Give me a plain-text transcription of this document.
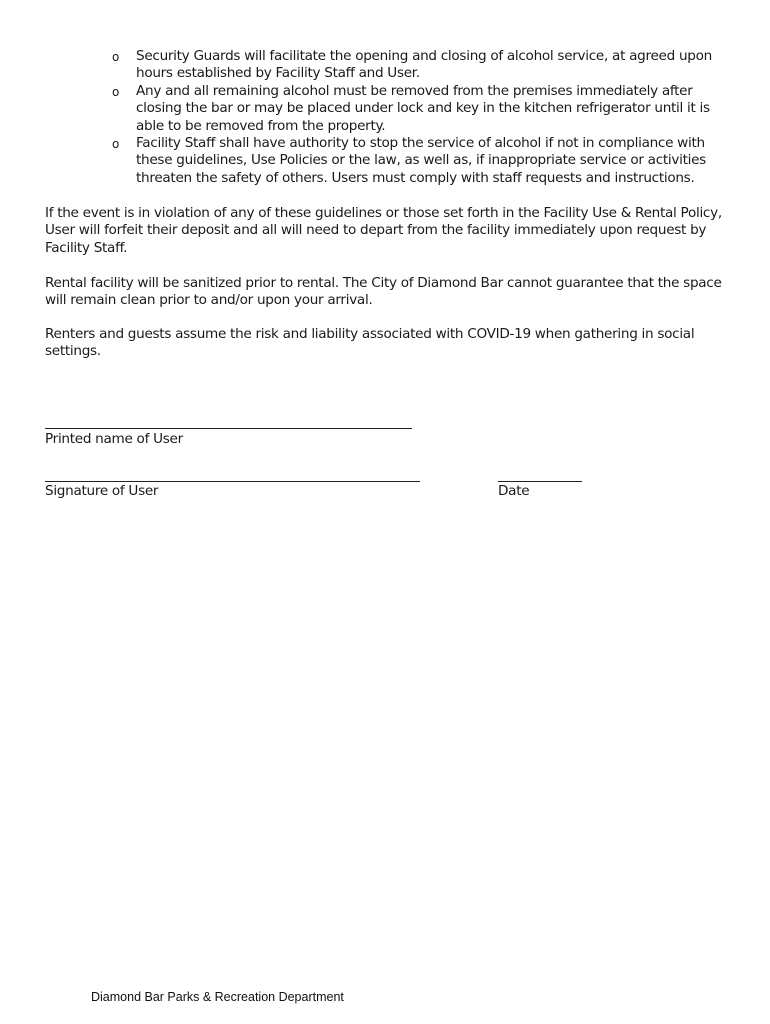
o Security Guards will facilitate the opening and closing of alcohol service, at agreed upon hours established by Facility Staff and User.
o Any and all remaining alcohol must be removed from the premises immediately after closing the bar or may be placed under lock and key in the kitchen refrigerator until it is able to be removed from the property.
o Facility Staff shall have authority to stop the service of alcohol if not in compliance with these guidelines, Use Policies or the law, as well as, if inappropriate service or activities threaten the safety of others. Users must comply with staff requests and instructions.

If the event is in violation of any of these guidelines or those set forth in the Facility Use & Rental Policy, User will forfeit their deposit and all will need to depart from the facility immediately upon request by Facility Staff.

Rental facility will be sanitized prior to rental. The City of Diamond Bar cannot guarantee that the space will remain clean prior to and/or upon your arrival.

Renters and guests assume the risk and liability associated with COVID-19 when gathering in social settings.

Printed name of User
Signature of User	Date
Diamond Bar Parks & Recreation Department
